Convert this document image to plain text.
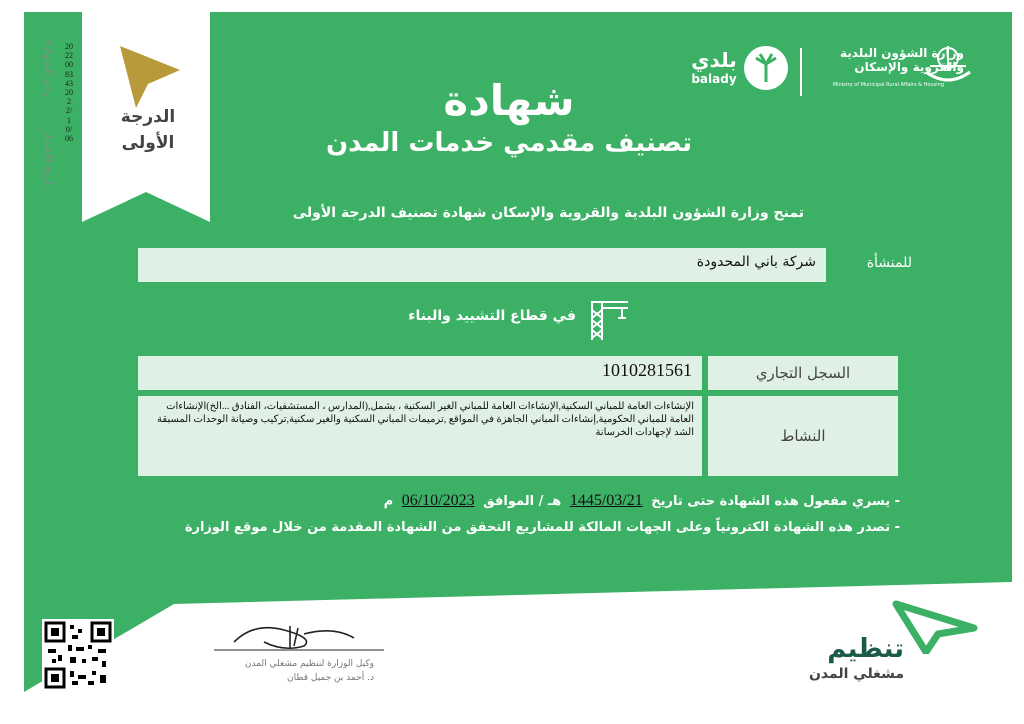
رقم الشهادة
تاريخ الإصدار
20220083432022/10/06
الدرجة
الأولى
وزارة الشؤون البلدية
والقروية والإسكان
Ministry of Municipal Rural Affairs & Housing
بلدي
balady
شهادة
تصنيف مقدمي خدمات المدن
تمنح وزارة الشؤون البلدية والقروية والإسكان شهادة تصنيف الدرجة الأولى
للمنشأة
شركة باني المحدودة
في قطاع التشييد والبناء
السجل التجاري
1010281561
النشاط
الإنشاءات العامة للمباني السكنية,الإنشاءات العامة للمباني الغير السكنية ، يشمل,(المدارس ، المستشفيات، الفنادق ...الخ)الإنشاءات العامة للمباني الحكومية,إنشاءات المباني الجاهزة في المواقع ,ترميمات المباني السكنية والغير سكنية,تركيب وصيانة الوحدات المسبقة الشد لإجهادات الخرسانة
- يسري مفعول هذه الشهادة حتى تاريخ 1445/03/21 هـ / الموافق 06/10/2023 م
- تصدر هذه الشهادة الكترونياً وعلى الجهات المالكة للمشاريع التحقق من الشهادة المقدمة من خلال موقع الوزارة
وكيل الوزارة لتنظيم مشغلي المدن
د. أحمد بن جميل قطان
تنظيم
مشغلي المدن
